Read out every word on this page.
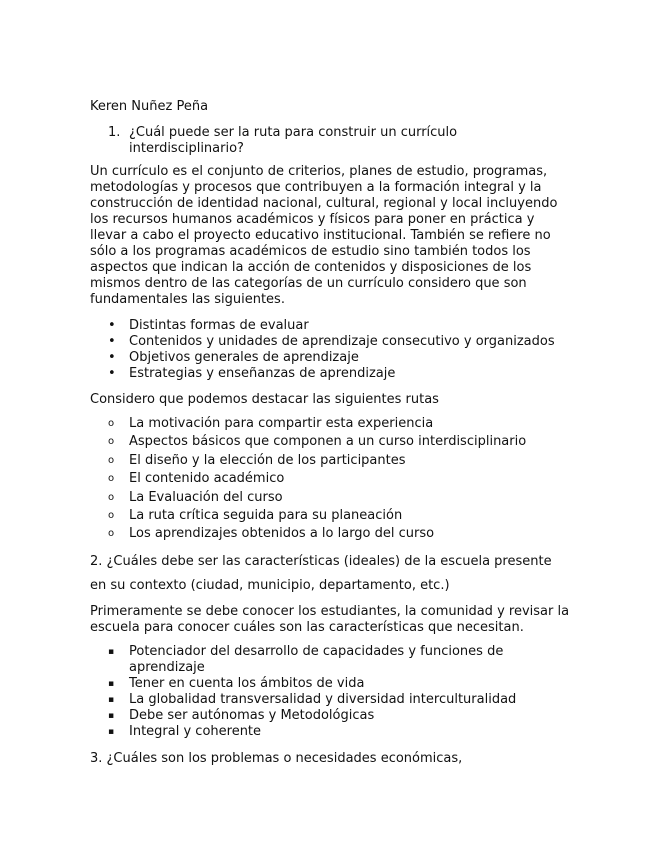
Keren Nuñez Peña

1. ¿Cuál puede ser la ruta para construir un currículo interdisciplinario?

Un currículo es el conjunto de criterios, planes de estudio, programas, metodologías y procesos que contribuyen a la formación integral y la construcción de identidad nacional, cultural, regional y local incluyendo los recursos humanos académicos y físicos para poner en práctica y llevar a cabo el proyecto educativo institucional. También se refiere no sólo a los programas académicos de estudio sino también todos los aspectos que indican la acción de contenidos y disposiciones de los mismos dentro de las categorías de un currículo considero que son fundamentales las siguientes.

•	Distintas formas de evaluar
•	Contenidos y unidades de aprendizaje consecutivo y organizados
•	Objetivos generales de aprendizaje
•	Estrategias y enseñanzas de aprendizaje

Considero que podemos destacar las siguientes rutas

o	La motivación para compartir esta experiencia
o	Aspectos básicos que componen a un curso interdisciplinario
o	El diseño y la elección de los participantes
o	El contenido académico
o	La Evaluación del curso
o	La ruta crítica seguida para su planeación
o	Los aprendizajes obtenidos a lo largo del curso

2. ¿Cuáles debe ser las características (ideales) de la escuela presente

en su contexto (ciudad, municipio, departamento, etc.)

Primeramente se debe conocer los estudiantes, la comunidad y revisar la escuela para conocer cuáles son las características que necesitan.

▪	Potenciador del desarrollo de capacidades y funciones de aprendizaje
▪	Tener en cuenta los ámbitos de vida
▪	La globalidad transversalidad y diversidad interculturalidad
▪	Debe ser autónomas y Metodológicas
▪	Integral y coherente

3. ¿Cuáles son los problemas o necesidades económicas,
